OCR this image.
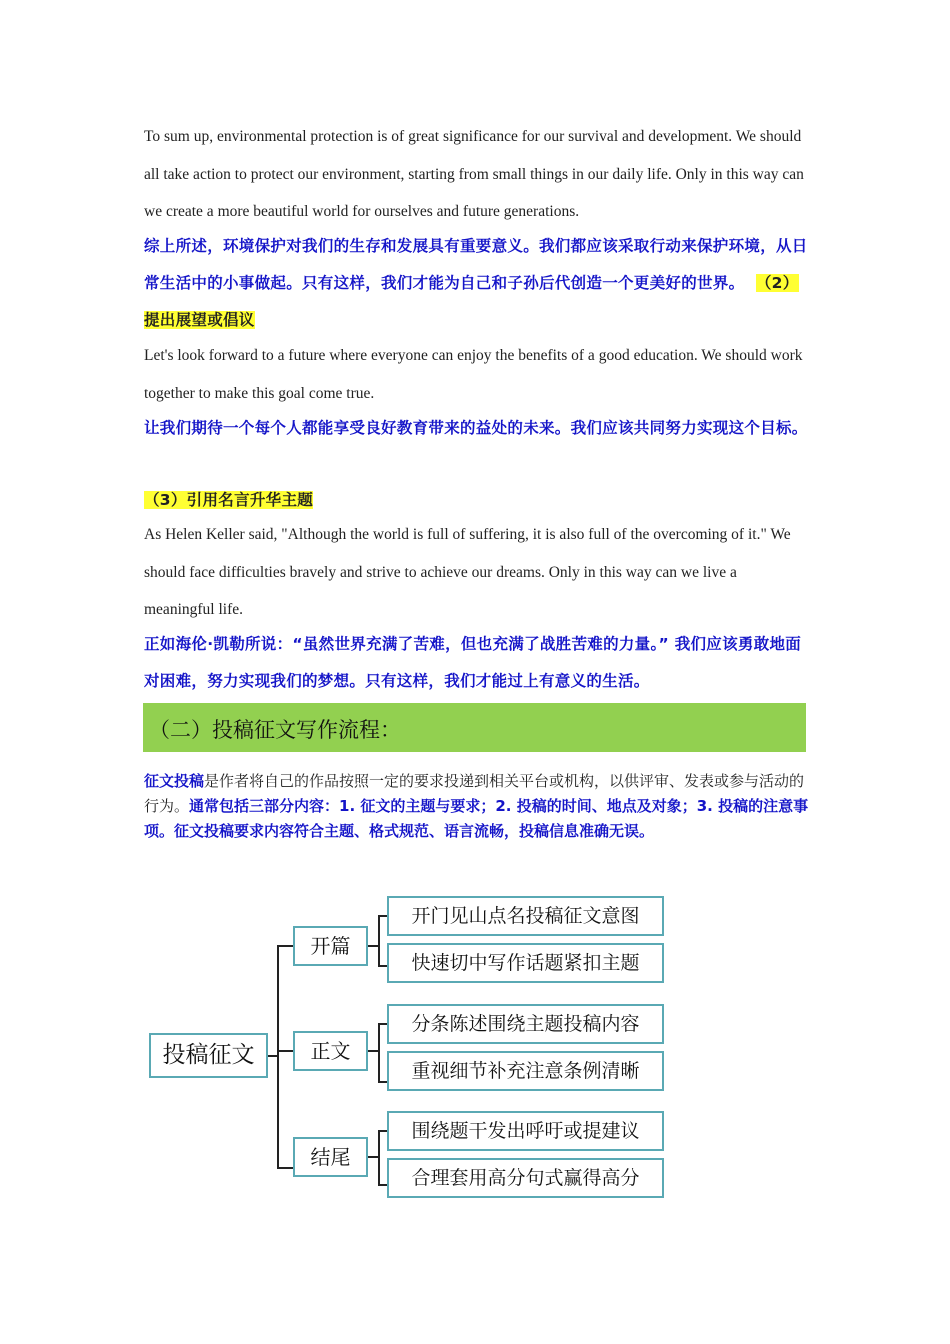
To sum up, environmental protection is of great significance for our survival and development. We should all take action to protect our environment, starting from small things in our daily life. Only in this way can we create a more beautiful world for ourselves and future generations.

综上所述，环境保护对我们的生存和发展具有重要意义。我们都应该采取行动来保护环境，从日常生活中的小事做起。只有这样，我们才能为自己和子孙后代创造一个更美好的世界。 （2）提出展望或倡议

Let's look forward to a future where everyone can enjoy the benefits of a good education. We should work together to make this goal come true.

让我们期待一个每个人都能享受良好教育带来的益处的未来。我们应该共同努力实现这个目标。

（3）引用名言升华主题

As Helen Keller said, "Although the world is full of suffering, it is also full of the overcoming of it." We should face difficulties bravely and strive to achieve our dreams. Only in this way can we live a meaningful life.

正如海伦·凯勒所说：“虽然世界充满了苦难，但也充满了战胜苦难的力量。” 我们应该勇敢地面对困难，努力实现我们的梦想。只有这样，我们才能过上有意义的生活。

（二）投稿征文写作流程：

征文投稿是作者将自己的作品按照一定的要求投递到相关平台或机构，以供评审、发表或参与活动的行为。通常包括三部分内容：1. 征文的主题与要求；2. 投稿的时间、地点及对象；3. 投稿的注意事项。征文投稿要求内容符合主题、格式规范、语言流畅，投稿信息准确无误。

投稿征文
开篇
正文
结尾
开门见山点名投稿征文意图
快速切中写作话题紧扣主题
分条陈述围绕主题投稿内容
重视细节补充注意条例清晰
围绕题干发出呼吁或提建议
合理套用高分句式赢得高分
